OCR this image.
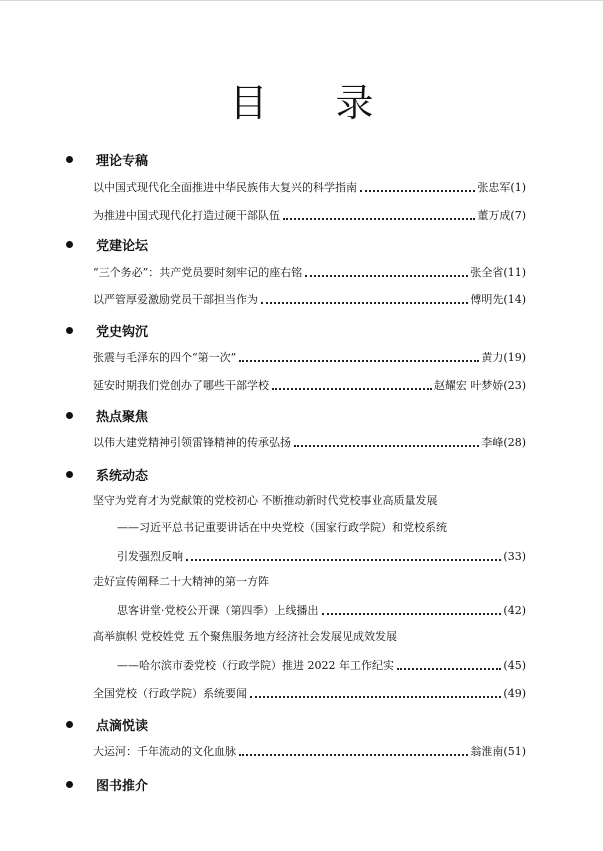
目 录
理论专稿
以中国式现代化全面推进中华民族伟大复兴的科学指南	张忠军 (1)
为推进中国式现代化打造过硬干部队伍	董万成 (7)
党建论坛
“三个务必”：共产党员要时刻牢记的座右铭	张全省 (11)
以严管厚爱激励党员干部担当作为	傅明先 (14)
党史钩沉
张震与毛泽东的四个“第一次”	黄力 (19)
延安时期我们党创办了哪些干部学校	赵耀宏 叶梦娇 (23)
热点聚焦
以伟大建党精神引领雷锋精神的传承弘扬	李峰 (28)
系统动态
坚守为党育才为党献策的党校初心 不断推动新时代党校事业高质量发展
——习近平总书记重要讲话在中央党校（国家行政学院）和党校系统
引发强烈反响	(33)
走好宣传阐释二十大精神的第一方阵
思客讲堂·党校公开课（第四季）上线播出	(42)
高举旗帜 党校姓党 五个聚焦服务地方经济社会发展见成效发展
——哈尔滨市委党校（行政学院）推进 2022 年工作纪实	(45)
全国党校（行政学院）系统要闻	(49)
点滴悦读
大运河：千年流动的文化血脉	翁淮南 (51)
图书推介
